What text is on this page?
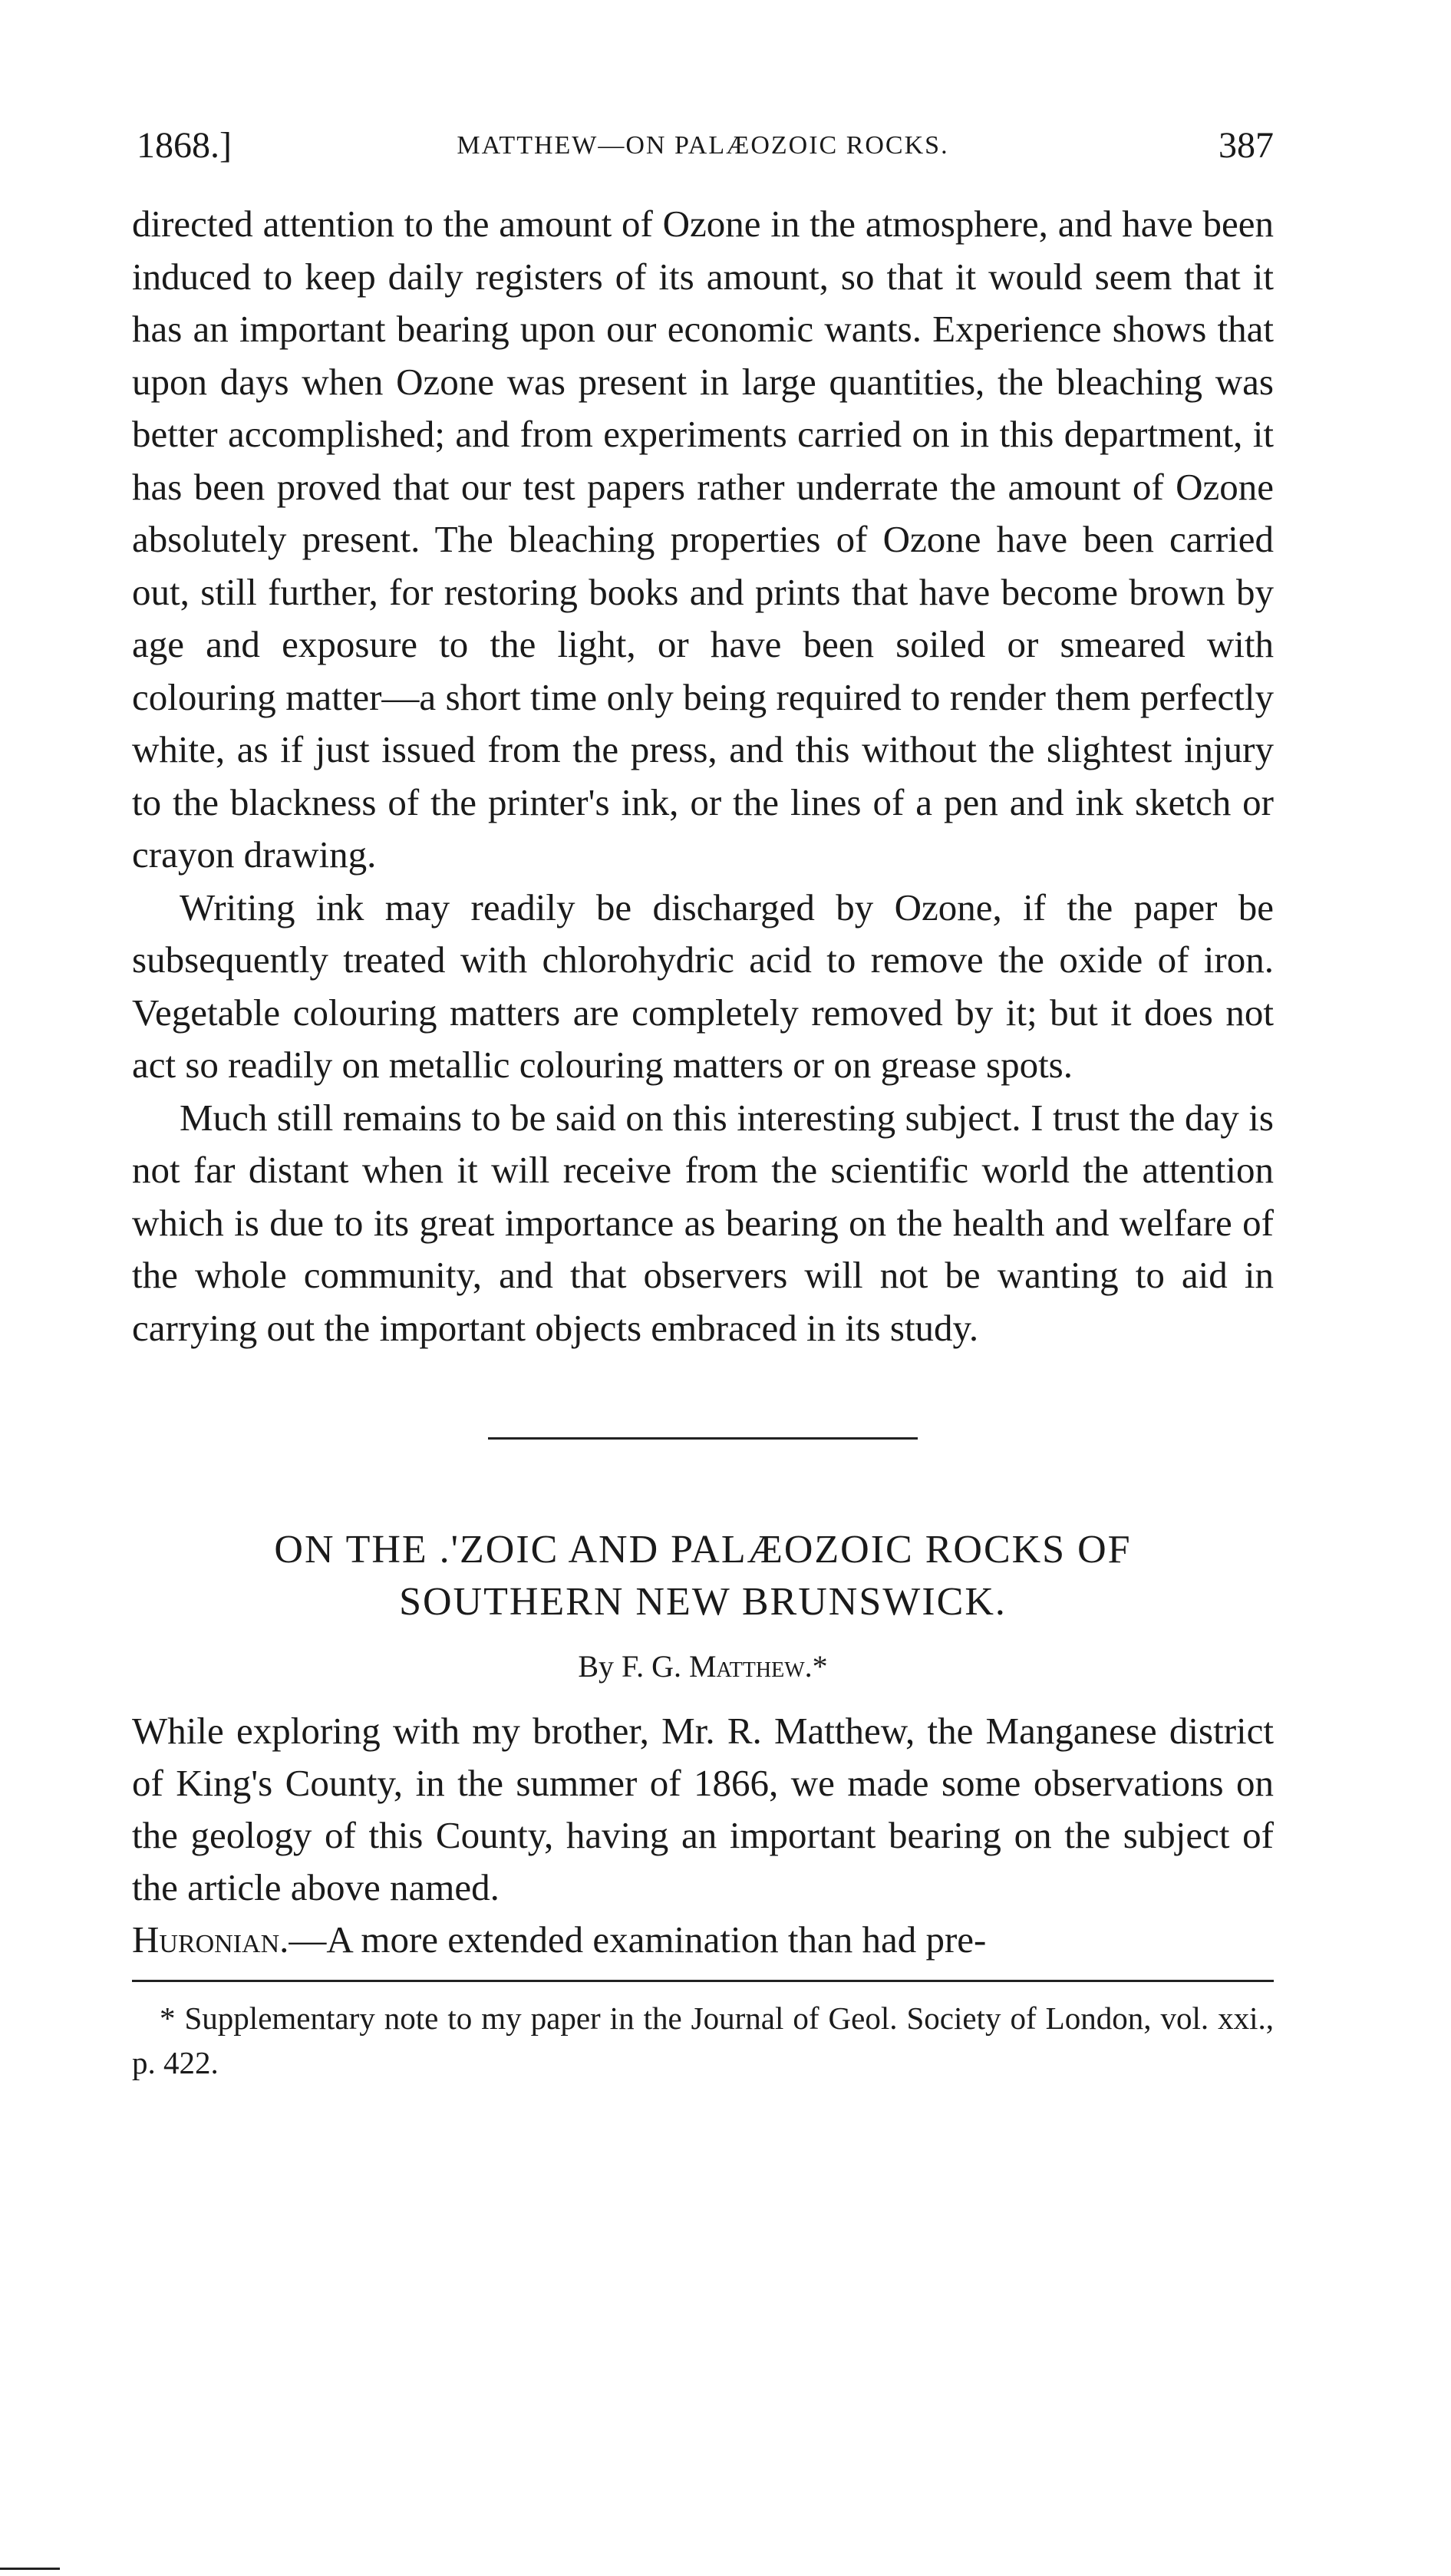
1868.]	MATTHEW—ON PALÆOZOIC ROCKS.	387

directed attention to the amount of Ozone in the atmosphere, and have been induced to keep daily registers of its amount, so that it would seem that it has an important bearing upon our economic wants. Experience shows that upon days when Ozone was present in large quantities, the bleaching was better accomplished; and from experiments carried on in this department, it has been proved that our test papers rather underrate the amount of Ozone absolutely present. The bleaching properties of Ozone have been carried out, still further, for restoring books and prints that have become brown by age and exposure to the light, or have been soiled or smeared with colouring matter—a short time only being required to render them perfectly white, as if just issued from the press, and this without the slightest injury to the blackness of the printer's ink, or the lines of a pen and ink sketch or crayon drawing.

Writing ink may readily be discharged by Ozone, if the paper be subsequently treated with chlorohydric acid to remove the oxide of iron. Vegetable colouring matters are completely removed by it; but it does not act so readily on metallic colouring matters or on grease spots.

Much still remains to be said on this interesting subject. I trust the day is not far distant when it will receive from the scientific world the attention which is due to its great importance as bearing on the health and welfare of the whole community, and that observers will not be wanting to aid in carrying out the important objects embraced in its study.

ON THE .'ZOIC AND PALÆOZOIC ROCKS OF
SOUTHERN NEW BRUNSWICK.
By F. G. Matthew.*

While exploring with my brother, Mr. R. Matthew, the Manganese district of King's County, in the summer of 1866, we made some observations on the geology of this County, having an important bearing on the subject of the article above named.

Huronian.—A more extended examination than had pre-

* Supplementary note to my paper in the Journal of Geol. Society of London, vol. xxi., p. 422.
